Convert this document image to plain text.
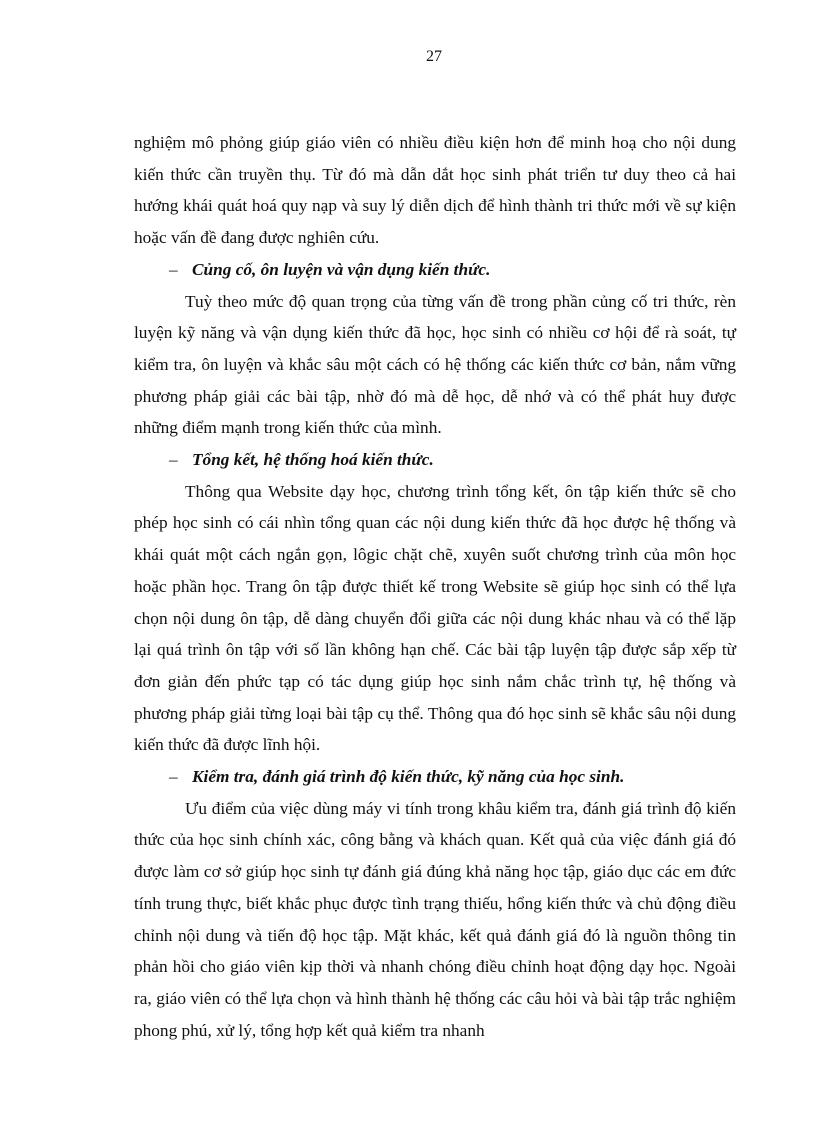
27

nghiệm mô phỏng giúp giáo viên có nhiều điều kiện hơn để minh hoạ cho nội dung kiến thức cần truyền thụ. Từ đó mà dẫn dắt học sinh phát triển tư duy theo cả hai hướng khái quát hoá quy nạp và suy lý diễn dịch để hình thành tri thức mới về sự kiện hoặc vấn đề đang được nghiên cứu.

– Củng cố, ôn luyện và vận dụng kiến thức.

Tuỳ theo mức độ quan trọng của từng vấn đề trong phần củng cố tri thức, rèn luyện kỹ năng và vận dụng kiến thức đã học, học sinh có nhiều cơ hội để rà soát, tự kiểm tra, ôn luyện và khắc sâu một cách có hệ thống các kiến thức cơ bản, nắm vững phương pháp giải các bài tập, nhờ đó mà dễ học, dễ nhớ và có thể phát huy được những điểm mạnh trong kiến thức của mình.

– Tổng kết, hệ thống hoá kiến thức.

Thông qua Website dạy học, chương trình tổng kết, ôn tập kiến thức sẽ cho phép học sinh có cái nhìn tổng quan các nội dung kiến thức đã học được hệ thống và khái quát một cách ngắn gọn, lôgic chặt chẽ, xuyên suốt chương trình của môn học hoặc phần học. Trang ôn tập được thiết kế trong Website sẽ giúp học sinh có thể lựa chọn nội dung ôn tập, dễ dàng chuyển đổi giữa các nội dung khác nhau và có thể lặp lại quá trình ôn tập với số lần không hạn chế. Các bài tập luyện tập được sắp xếp từ đơn giản đến phức tạp có tác dụng giúp học sinh nắm chắc trình tự, hệ thống và phương pháp giải từng loại bài tập cụ thể. Thông qua đó học sinh sẽ khắc sâu nội dung kiến thức đã được lĩnh hội.

– Kiểm tra, đánh giá trình độ kiến thức, kỹ năng của học sinh.

Ưu điểm của việc dùng máy vi tính trong khâu kiểm tra, đánh giá trình độ kiến thức của học sinh chính xác, công bằng và khách quan. Kết quả của việc đánh giá đó được làm cơ sở giúp học sinh tự đánh giá đúng khả năng học tập, giáo dục các em đức tính trung thực, biết khắc phục được tình trạng thiếu, hổng kiến thức và chủ động điều chỉnh nội dung và tiến độ học tập. Mặt khác, kết quả đánh giá đó là nguồn thông tin phản hồi cho giáo viên kịp thời và nhanh chóng điều chỉnh hoạt động dạy học. Ngoài ra, giáo viên có thể lựa chọn và hình thành hệ thống các câu hỏi và bài tập trắc nghiệm phong phú, xử lý, tổng hợp kết quả kiểm tra nhanh
